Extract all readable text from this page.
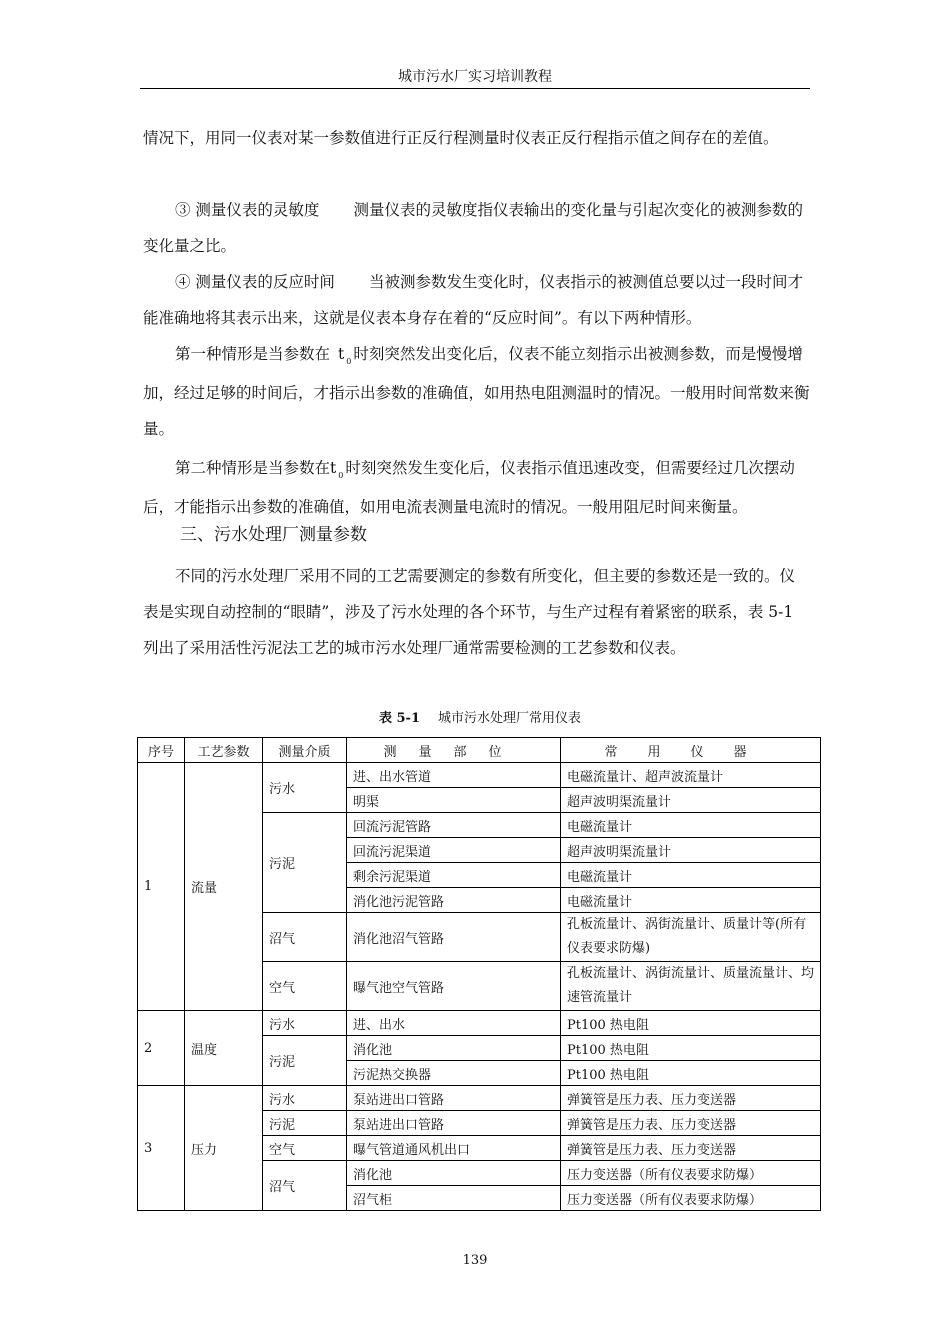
城市污水厂实习培训教程

情况下，用同一仪表对某一参数值进行正反行程测量时仪表正反行程指示值之间存在的差值。

③ 测量仪表的灵敏度 测量仪表的灵敏度指仪表输出的变化量与引起次变化的被测参数的变化量之比。

④ 测量仪表的反应时间 当被测参数发生变化时，仪表指示的被测值总要以过一段时间才能准确地将其表示出来，这就是仪表本身存在着的“反应时间”。有以下两种情形。

第一种情形是当参数在 t $_0$ 时刻突然发出变化后，仪表不能立刻指示出被测参数，而是慢慢增加，经过足够的时间后，才指示出参数的准确值，如用热电阻测温时的情况。一般用时间常数来衡量。

第二种情形是当参数在t $_0$ 时刻突然发生变化后，仪表指示值迅速改变，但需要经过几次摆动后，才能指示出参数的准确值，如用电流表测量电流时的情况。一般用阻尼时间来衡量。

三、污水处理厂测量参数

不同的污水处理厂采用不同的工艺需要测定的参数有所变化，但主要的参数还是一致的。仪表是实现自动控制的“眼睛”，涉及了污水处理的各个环节，与生产过程有着紧密的联系，表 5-1 列出了采用活性污泥法工艺的城市污水处理厂通常需要检测的工艺参数和仪表。

表 5-1 城市污水处理厂常用仪表
序号	工艺参数	测量介质	测量部位	常用仪器
1	流量	污水	进、出水管道	电磁流量计、超声波流量计
			明渠	超声波明渠流量计
		污泥	回流污泥管路	电磁流量计
			回流污泥渠道	超声波明渠流量计
			剩余污泥渠道	电磁流量计
			消化池污泥管路	电磁流量计
		沼气	消化池沼气管路	孔板流量计、涡街流量计、质量计等(所有仪表要求防爆)

		空气	曝气池空气管路	孔板流量计、涡街流量计、质量流量计、均速管流量计

2	温度	污水	进、出水	Pt100 热电阻
		污泥	消化池	Pt100 热电阻
			污泥热交换器	Pt100 热电阻
3	压力	污水	泵站进出口管路	弹簧管是压力表、压力变送器
		污泥	泵站进出口管路	弹簧管是压力表、压力变送器
		空气	曝气管道通风机出口	弹簧管是压力表、压力变送器
		沼气	消化池	压力变送器（所有仪表要求防爆）
			沼气柜	压力变送器（所有仪表要求防爆）
139
